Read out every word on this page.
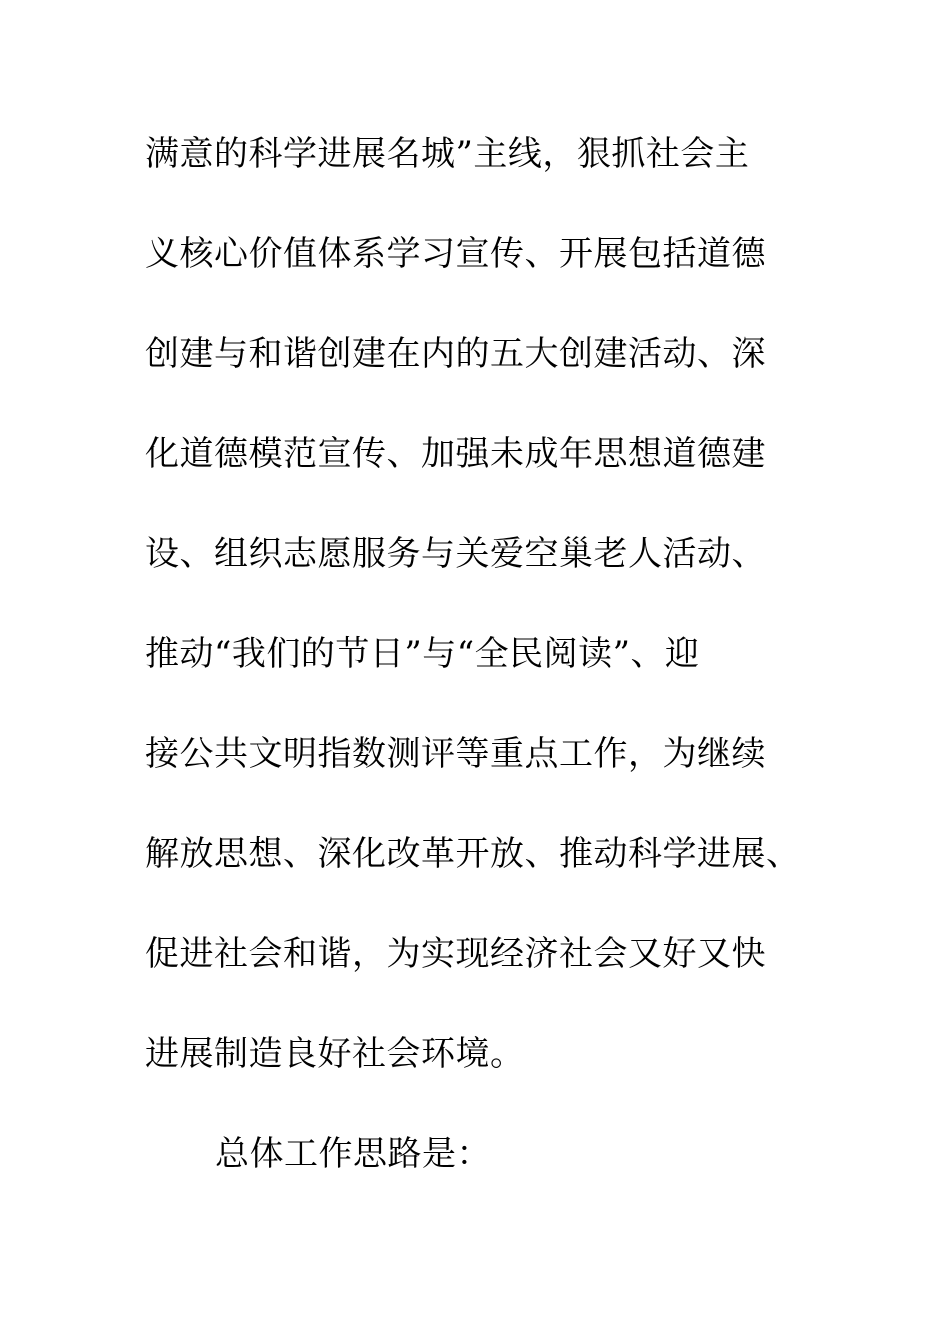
满意的科学进展名城”主线，狠抓社会主
义核心价值体系学习宣传、开展包括道德
创建与和谐创建在内的五大创建活动、深
化道德模范宣传、加强未成年思想道德建
设、组织志愿服务与关爱空巢老人活动、
推动“我们的节日”与“全民阅读”、迎
接公共文明指数测评等重点工作，为继续
解放思想、深化改革开放、推动科学进展、
促进社会和谐，为实现经济社会又好又快
进展制造良好社会环境。
总体工作思路是：
